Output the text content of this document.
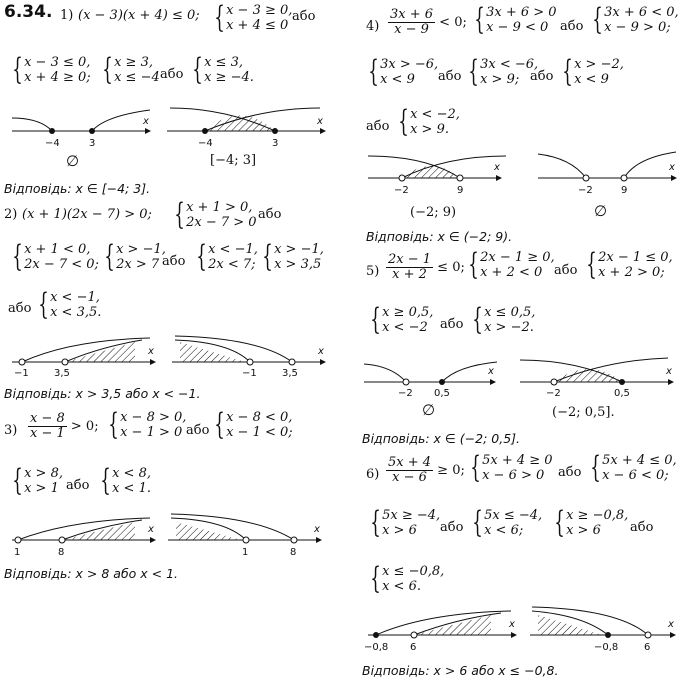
6.34. 1) (x − 3)(x + 4) ≤ 0; { x − 3 ≥ 0,
x + 4 ≤ 0
або
{ x − 3 ≤ 0,
x + 4 ≥ 0; { x ≥ 3,
x ≤ −4 або { x ≤ 3,
x ≥ −4.
x
−4	3
∅
x
−4	3
[−4; 3]
Відповідь: x ∈ [−4; 3].
2) (x + 1)(2x − 7) > 0; { x + 1 > 0,
2x − 7 > 0
або
{ x + 1 < 0,
2x − 7 < 0; { x > −1,
2x > 7 або { x < −1,
2x < 7; { x > −1,
x > 3,5
або { x < −1,
x < 3,5.
x
−1	3,5
x
−1	3,5
Відповідь: x > 3,5 або x < −1.
$3) \frac{x - 8}{x - 1} > 0$; { x − 8 > 0,
x − 1 > 0 або { x − 8 < 0,
x − 1 < 0;
{ x > 8,
x > 1 або { x < 8,
x < 1.
x
1	8
x
1	8
Відповідь: x > 8 або x < 1.
$4) \frac{3x + 6}{x - 9} < 0$; { 3x + 6 > 0
x − 9 < 0 або { 3x + 6 < 0,
x − 9 > 0;
{ 3x > −6,
x < 9	або { 3x < −6,
x > 9; або { x > −2,
x < 9
або { x < −2,
x > 9.
x
−2	9
(−2; 9)
x
−2	9
∅
Відповідь: x ∈ (−2; 9).
$5) \frac{2x - 1}{x + 2} \le 0$; { 2x − 1 ≥ 0,
x + 2 < 0 або { 2x − 1 ≤ 0,
x + 2 > 0;
{ x ≥ 0,5,
x < −2 або { x ≤ 0,5,
x > −2.
x
−2 0,5
∅
x
−2	0,5
(−2; 0,5].
Відповідь: x ∈ (−2; 0,5].
$6) \frac{5x + 4}{x - 6} \ge 0$; { 5x + 4 ≥ 0
x − 6 > 0	або { 5x + 4 ≤ 0,
x − 6 < 0;
{ 5x ≥ −4,
x > 6	або { 5x ≤ −4,
x < 6;	{ x ≥ −0,8,
x > 6	або
{ x ≤ −0,8,
x < 6.
x
−0,8 6
x
−0,8	6
Відповідь: x > 6 або x ≤ −0,8.
